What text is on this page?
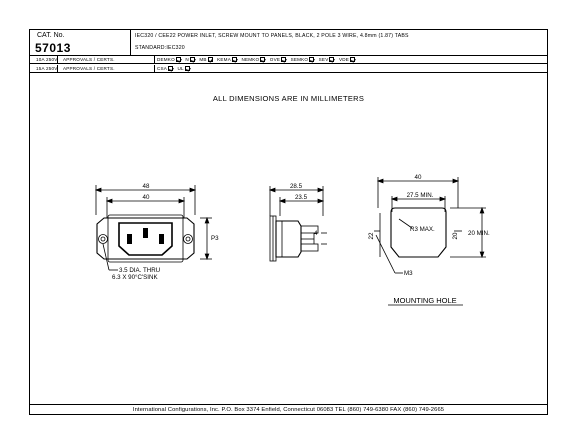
CAT. No.
57013
IEC320 / CEE22 POWER INLET, SCREW MOUNT TO PANELS, BLACK, 2 POLE 3 WIRE, 4.8mm (1.87) TABS
STANDARD:IEC320
10A 250V	APPROVALS / CERTS.	DEMKO N MB KEMA NEMKO OVE SEMKO SEV VDE
15A 250V	APPROVALS / CERTS.	CSA UL
ALL DIMENSIONS ARE IN MILLIMETERS
48
40
P3
3.5 DIA. THRU
6.3 X 90°C'SINK
28.5
23.5
4
40
27.5 MIN.
R3 MAX.
22	20 20 MIN.
M3
MOUNTING HOLE
International Configurations, Inc. P.O. Box 3374 Enfield, Connecticut 06083 TEL (860) 749-6380 FAX (860) 749-2665
